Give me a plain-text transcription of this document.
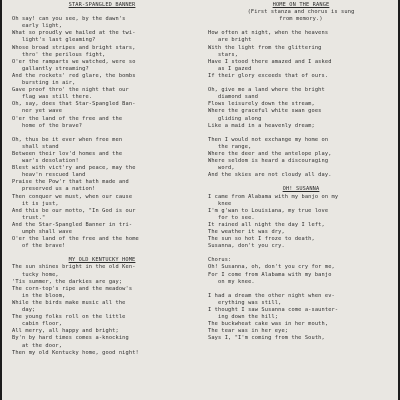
STAR-SPANGLED BANNER
Oh say! can you see, by the dawn's
early light,
What so proudly we hailed at the twi-
light's last gleaming?
Whose broad stripes and bright stars,
thro' the perilous fight,
O'er the ramparts we watched, were so
gallantly streaming?
And the rockets' red glare, the bombs
bursting in air,
Gave proof thro' the night that our
flag was still there.
Oh, say, does that Star-Spangled Ban-
ner yet wave
O'er the land of the free and the
home of the brave?
Oh, thus be it ever when free men
shall stand
Between their lov'd homes and the
war's desolation!
Blest with vict'ry and peace, may the
heav'n rescued land
Praise the Pow'r that hath made and
preserved us a nation!
Then conquer we must, when our cause
it is just,
And this be our motto, "In God is our
trust."
And the Star-Spangled Banner in tri-
umph shall wave
O'er the land of the free and the home
of the brave!
MY OLD KENTUCKY HOME
The sun shines bright in the old Ken-
tucky home,
'Tis summer, the darkies are gay;
The corn-top's ripe and the meadow's
in the bloom,
While the birds make music all the
day;
The young folks roll on the little
cabin floor,
All merry, all happy and bright;
By'n by hard times comes a-knocking
at the door,
Then my old Kentucky home, good night!
HOME ON THE RANGE
(First stanza and chorus is sung
from memory.)
How often at night, when the heavens
are bright
With the light from the glittering
stars,
Have I stood there amazed and I asked
as I gazed
If their glory exceeds that of ours.
Oh, give me a land where the bright
diamond sand
Flows leisurely down the stream,
Where the graceful white swan goes
gliding along
Like a maid in a heavenly dream;
Then I would not exchange my home on
the range,
Where the deer and the antelope play,
Where seldom is heard a discouraging
word,
And the skies are not cloudy all day.
OH! SUSANNA
I came from Alabama with my banjo on my
knee
I'm g'wan to Louisiana, my true love
for to see.
It rained all night the day I left,
The weather it was dry,
The sun so hot I froze to death,
Susanna, don't you cry.
Chorus:
Oh! Susanna, oh, don't you cry for me,
For I come from Alabama with my banjo
on my knee.
I had a dream the other night when ev-
erything was still,
I thought I saw Susanna come a-saunter-
ing down the hill;
The buckwheat cake was in her mouth,
The tear was in her eye;
Says I, "I'm coming from the South,
